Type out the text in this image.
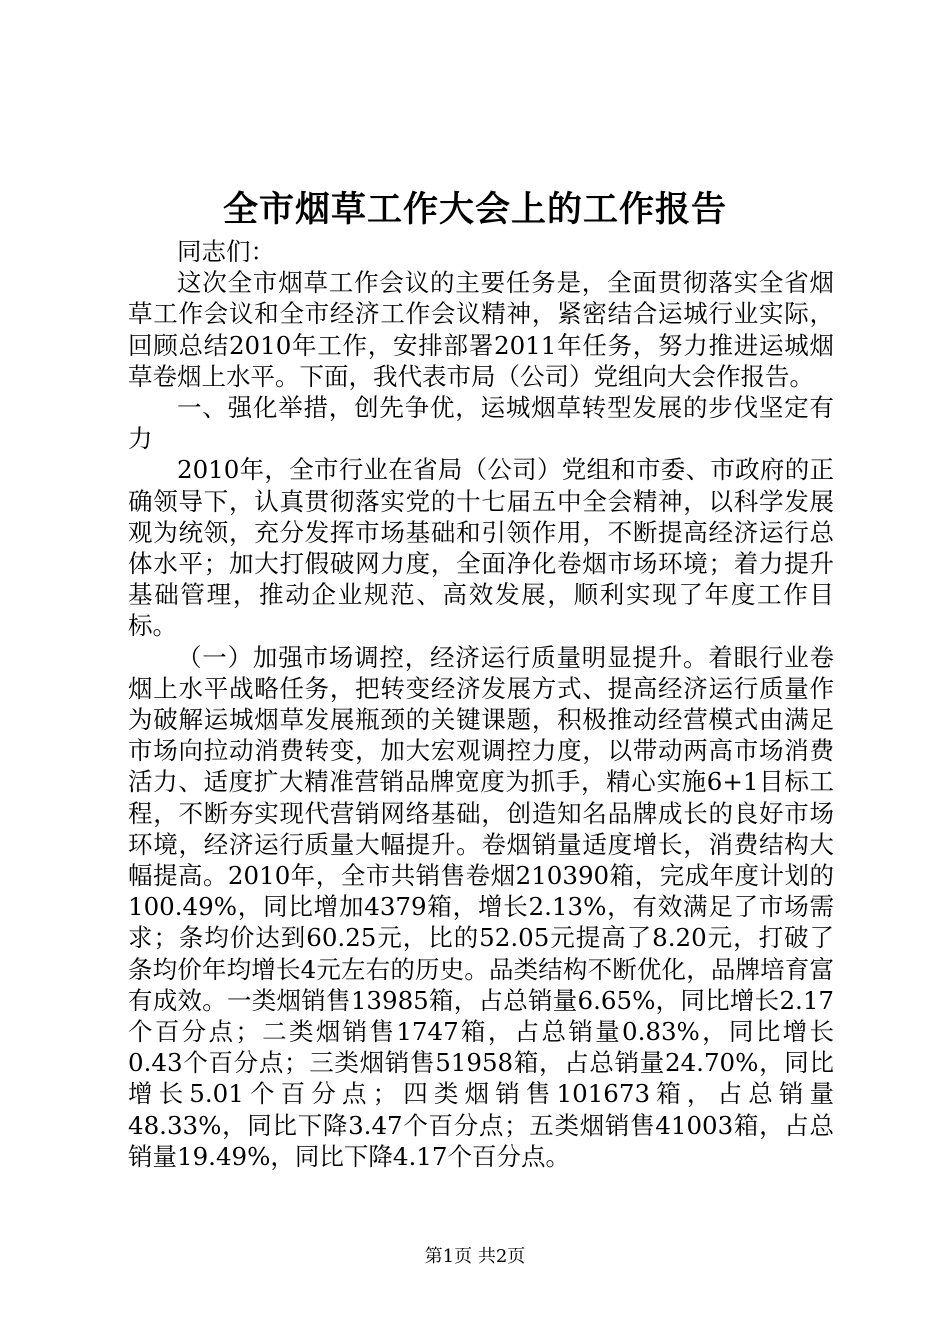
全市烟草工作大会上的工作报告

同志们：

这次全市烟草工作会议的主要任务是，全面贯彻落实全省烟草工作会议和全市经济工作会议精神，紧密结合运城行业实际，回顾总结2010年工作，安排部署2011年任务，努力推进运城烟草卷烟上水平。下面，我代表市局（公司）党组向大会作报告。

一、强化举措，创先争优，运城烟草转型发展的步伐坚定有力

2010年，全市行业在省局（公司）党组和市委、市政府的正确领导下，认真贯彻落实党的十七届五中全会精神，以科学发展观为统领，充分发挥市场基础和引领作用，不断提高经济运行总体水平；加大打假破网力度，全面净化卷烟市场环境；着力提升基础管理，推动企业规范、高效发展，顺利实现了年度工作目标。

（一）加强市场调控，经济运行质量明显提升。着眼行业卷烟上水平战略任务，把转变经济发展方式、提高经济运行质量作为破解运城烟草发展瓶颈的关键课题，积极推动经营模式由满足市场向拉动消费转变，加大宏观调控力度，以带动两高市场消费活力、适度扩大精准营销品牌宽度为抓手，精心实施6+1目标工程，不断夯实现代营销网络基础，创造知名品牌成长的良好市场环境，经济运行质量大幅提升。卷烟销量适度增长，消费结构大幅提高。2010年，全市共销售卷烟210390箱，完成年度计划的100.49%，同比增加4379箱，增长2.13%，有效满足了市场需求；条均价达到60.25元，比的52.05元提高了8.20元，打破了条均价年均增长4元左右的历史。品类结构不断优化，品牌培育富有成效。一类烟销售13985箱，占总销量6.65%，同比增长2.17个百分点；二类烟销售1747箱，占总销量0.83%，同比增长0.43个百分点；三类烟销售51958箱，占总销量24.70%，同比增长5.01个百分点；四类烟销售101673箱，占总销量48.33%，同比下降3.47个百分点；五类烟销售41003箱，占总销量19.49%，同比下降4.17个百分点。

第1页 共2页
